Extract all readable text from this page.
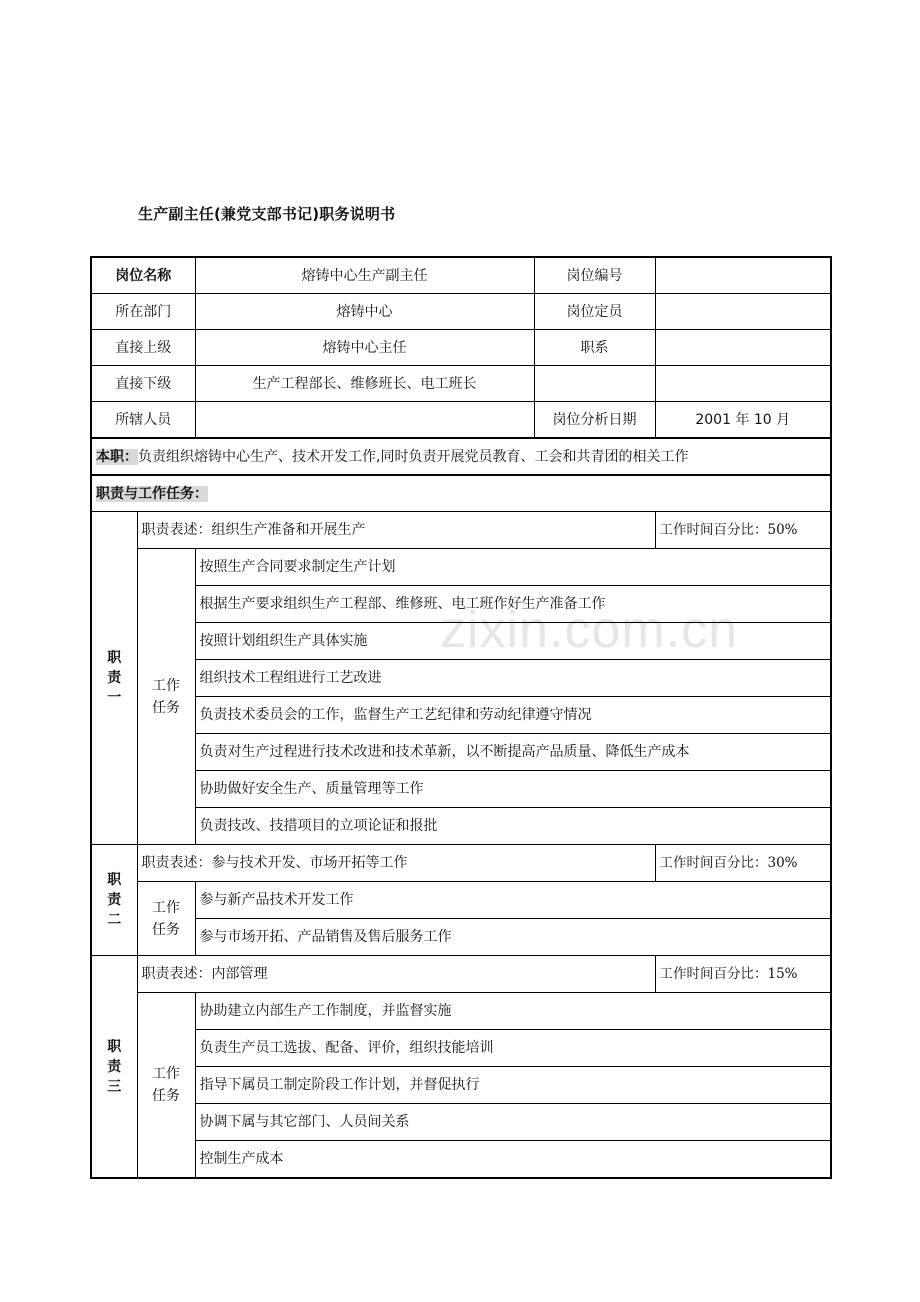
生产副主任(兼党支部书记)职务说明书
zixin.com.cn
岗位名称	熔铸中心生产副主任	岗位编号	
所在部门	熔铸中心	岗位定员	
直接上级	熔铸中心主任	职系	
直接下级	生产工程部长、维修班长、电工班长		
所辖人员		岗位分析日期	2001 年 10 月
本职：负责组织熔铸中心生产、技术开发工作,同时负责开展党员教育、工会和共青团的相关工作			
职责与工作任务：			

职
责
一	职责表述：组织生产准备和开展生产		工作时间百分比：50%

	工作
任务	按照生产合同要求制定生产计划	
		根据生产要求组织生产工程部、维修班、电工班作好生产准备工作	
		按照计划组织生产具体实施	
		组织技术工程组进行工艺改进	
		负责技术委员会的工作，监督生产工艺纪律和劳动纪律遵守情况	
		负责对生产过程进行技术改进和技术革新，以不断提高产品质量、降低生产成本	
		协助做好安全生产、质量管理等工作	
		负责技改、技措项目的立项论证和报批	

职
责
二	职责表述：参与技术开发、市场开拓等工作		工作时间百分比：30%

	工作
任务	参与新产品技术开发工作	
		参与市场开拓、产品销售及售后服务工作	

职
责
三	职责表述：内部管理		工作时间百分比：15%

	工作
任务	协助建立内部生产工作制度，并监督实施	
		负责生产员工选拔、配备、评价，组织技能培训	
		指导下属员工制定阶段工作计划，并督促执行	
		协调下属与其它部门、人员间关系	
		控制生产成本	
